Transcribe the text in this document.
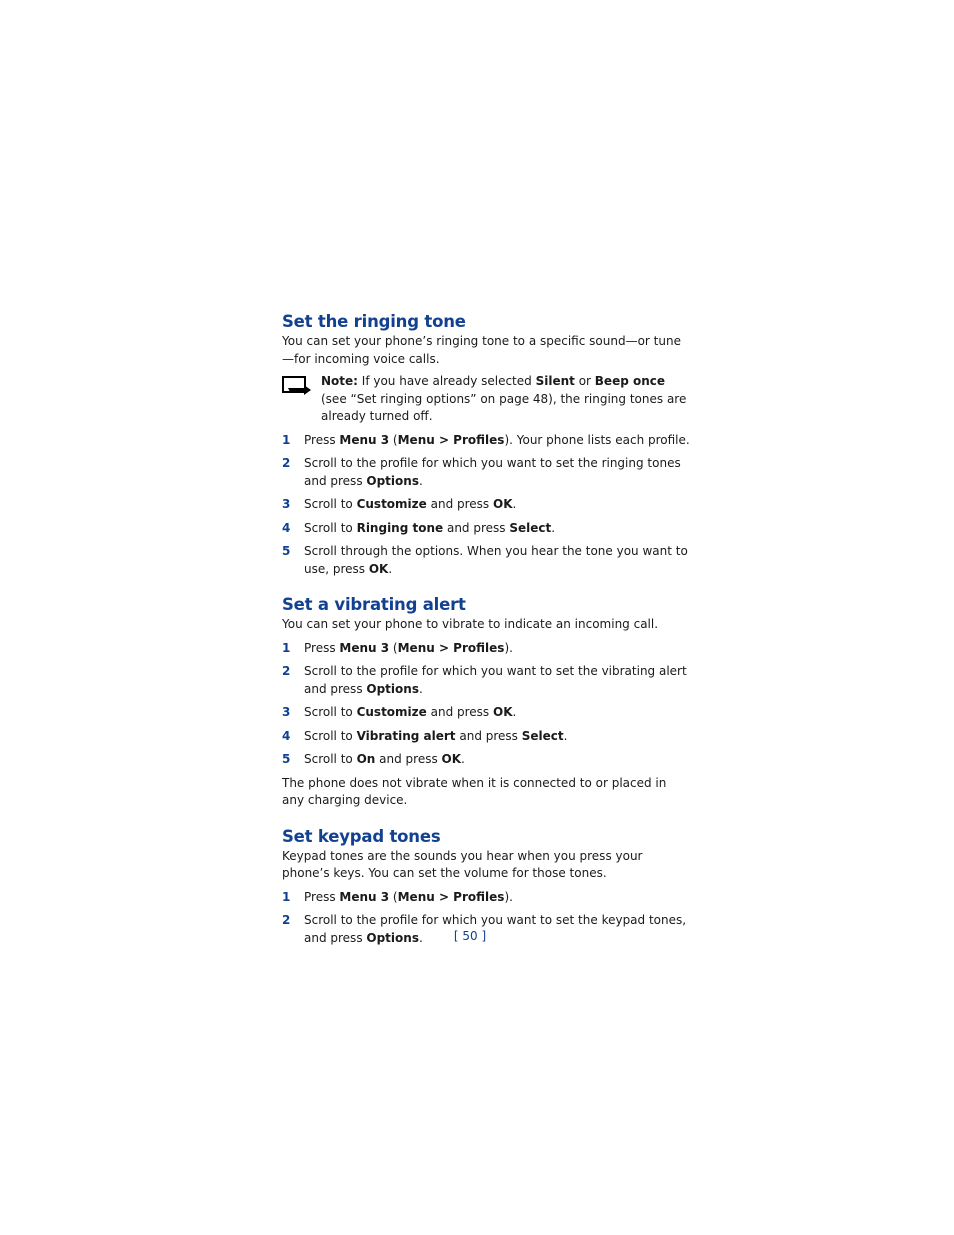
Set the ringing tone

You can set your phone’s ringing tone to a specific sound—or tune—for incoming voice calls.

Note: If you have already selected Silent or Beep once (see “Set ringing options” on page 48), the ringing tones are already turned off.

1	Press Menu 3 (Menu > Profiles). Your phone lists each profile.
2	Scroll to the profile for which you want to set the ringing tones and press Options.
3	Scroll to Customize and press OK.
4	Scroll to Ringing tone and press Select.
5	Scroll through the options. When you hear the tone you want to use, press OK.
Set a vibrating alert

You can set your phone to vibrate to indicate an incoming call.

1	Press Menu 3 (Menu > Profiles).
2	Scroll to the profile for which you want to set the vibrating alert and press Options.
3	Scroll to Customize and press OK.
4	Scroll to Vibrating alert and press Select.
5	Scroll to On and press OK.

The phone does not vibrate when it is connected to or placed in any charging device.

Set keypad tones

Keypad tones are the sounds you hear when you press your phone’s keys. You can set the volume for those tones.

1	Press Menu 3 (Menu > Profiles).
2	Scroll to the profile for which you want to set the keypad tones, and press Options.	[ 50 ]
